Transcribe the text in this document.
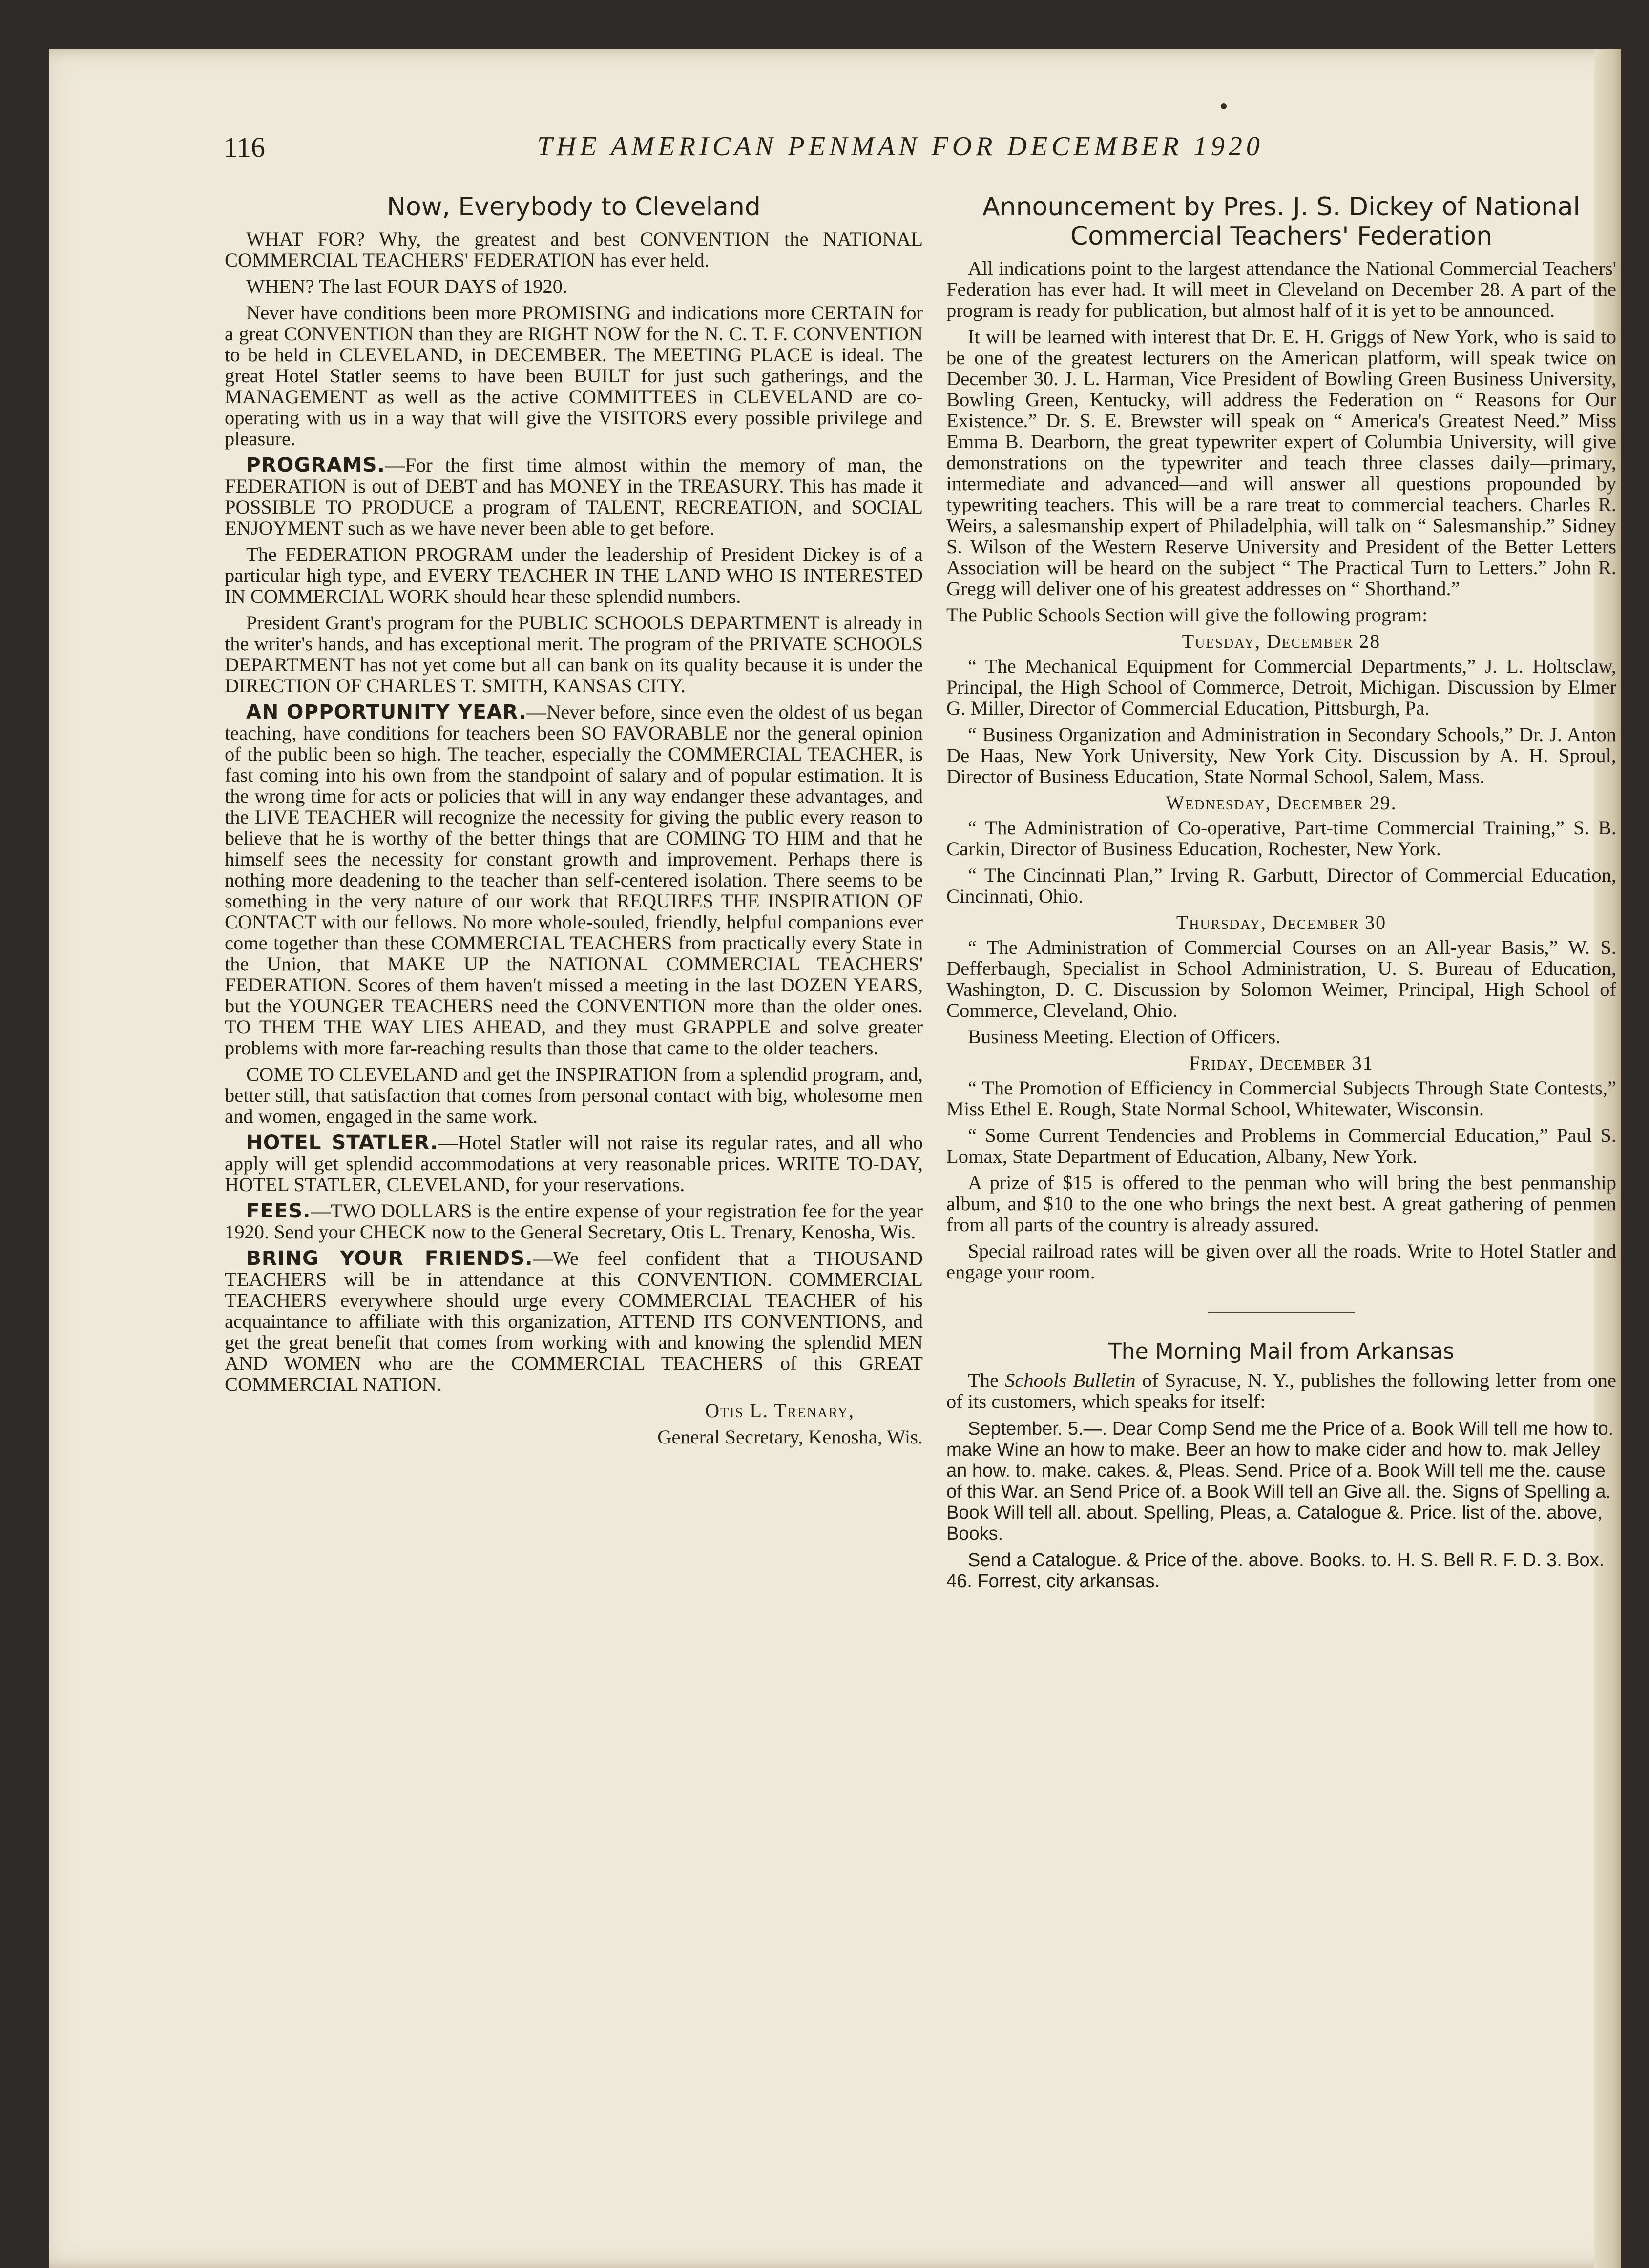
116	THE AMERICAN PENMAN FOR DECEMBER 1920
Now, Everybody to Cleveland

WHAT FOR? Why, the greatest and best CONVENTION the NATIONAL COMMERCIAL TEACHERS' FEDERATION has ever held.

WHEN? The last FOUR DAYS of 1920.

Never have conditions been more PROMISING and indications more CERTAIN for a great CONVENTION than they are RIGHT NOW for the N. C. T. F. CONVENTION to be held in CLEVELAND, in DECEMBER. The MEETING PLACE is ideal. The great Hotel Statler seems to have been BUILT for just such gatherings, and the MANAGEMENT as well as the active COMMITTEES in CLEVELAND are co-operating with us in a way that will give the VISITORS every possible privilege and pleasure.

PROGRAMS.—For the first time almost within the memory of man, the FEDERATION is out of DEBT and has MONEY in the TREASURY. This has made it POSSIBLE TO PRODUCE a program of TALENT, RECREATION, and SOCIAL ENJOYMENT such as we have never been able to get before.

The FEDERATION PROGRAM under the leadership of President Dickey is of a particular high type, and EVERY TEACHER IN THE LAND WHO IS INTERESTED IN COMMERCIAL WORK should hear these splendid numbers.

President Grant's program for the PUBLIC SCHOOLS DEPARTMENT is already in the writer's hands, and has exceptional merit. The program of the PRIVATE SCHOOLS DEPARTMENT has not yet come but all can bank on its quality because it is under the DIRECTION OF CHARLES T. SMITH, KANSAS CITY.

AN OPPORTUNITY YEAR.—Never before, since even the oldest of us began teaching, have conditions for teachers been SO FAVORABLE nor the general opinion of the public been so high. The teacher, especially the COMMERCIAL TEACHER, is fast coming into his own from the standpoint of salary and of popular estimation. It is the wrong time for acts or policies that will in any way endanger these advantages, and the LIVE TEACHER will recognize the necessity for giving the public every reason to believe that he is worthy of the better things that are COMING TO HIM and that he himself sees the necessity for constant growth and improvement. Perhaps there is nothing more deadening to the teacher than self-centered isolation. There seems to be something in the very nature of our work that REQUIRES THE INSPIRATION OF CONTACT with our fellows. No more whole-souled, friendly, helpful companions ever come together than these COMMERCIAL TEACHERS from practically every State in the Union, that MAKE UP the NATIONAL COMMERCIAL TEACHERS' FEDERATION. Scores of them haven't missed a meeting in the last DOZEN YEARS, but the YOUNGER TEACHERS need the CONVENTION more than the older ones. TO THEM THE WAY LIES AHEAD, and they must GRAPPLE and solve greater problems with more far-reaching results than those that came to the older teachers.

COME TO CLEVELAND and get the INSPIRATION from a splendid program, and, better still, that satisfaction that comes from personal contact with big, wholesome men and women, engaged in the same work.

HOTEL STATLER.—Hotel Statler will not raise its regular rates, and all who apply will get splendid accommodations at very reasonable prices. WRITE TO-DAY, HOTEL STATLER, CLEVELAND, for your reservations.

FEES.—TWO DOLLARS is the entire expense of your registration fee for the year 1920. Send your CHECK now to the General Secretary, Otis L. Trenary, Kenosha, Wis.

BRING YOUR FRIENDS.—We feel confident that a THOUSAND TEACHERS will be in attendance at this CONVENTION. COMMERCIAL TEACHERS everywhere should urge every COMMERCIAL TEACHER of his acquaintance to affiliate with this organization, ATTEND ITS CONVENTIONS, and get the great benefit that comes from working with and knowing the splendid MEN AND WOMEN who are the COMMERCIAL TEACHERS of this GREAT COMMERCIAL NATION.

Otis L. Trenary,

General Secretary, Kenosha, Wis.

Announcement by Pres. J. S. Dickey of National Commercial Teachers' Federation

All indications point to the largest attendance the National Commercial Teachers' Federation has ever had. It will meet in Cleveland on December 28. A part of the program is ready for publication, but almost half of it is yet to be announced.

It will be learned with interest that Dr. E. H. Griggs of New York, who is said to be one of the greatest lecturers on the American platform, will speak twice on December 30. J. L. Harman, Vice President of Bowling Green Business University, Bowling Green, Kentucky, will address the Federation on “ Reasons for Our Existence.” Dr. S. E. Brewster will speak on “ America's Greatest Need.” Miss Emma B. Dearborn, the great typewriter expert of Columbia University, will give demonstrations on the typewriter and teach three classes daily—primary, intermediate and advanced—and will answer all questions propounded by typewriting teachers. This will be a rare treat to commercial teachers. Charles R. Weirs, a salesmanship expert of Philadelphia, will talk on “ Salesmanship.” Sidney S. Wilson of the Western Reserve University and President of the Better Letters Association will be heard on the subject “ The Practical Turn to Letters.” John R. Gregg will deliver one of his greatest addresses on “ Shorthand.”

The Public Schools Section will give the following program:

Tuesday, December 28

“ The Mechanical Equipment for Commercial Departments,” J. L. Holtsclaw, Principal, the High School of Commerce, Detroit, Michigan. Discussion by Elmer G. Miller, Director of Commercial Education, Pittsburgh, Pa.

“ Business Organization and Administration in Secondary Schools,” Dr. J. Anton De Haas, New York University, New York City. Discussion by A. H. Sproul, Director of Business Education, State Normal School, Salem, Mass.

Wednesday, December 29.

“ The Administration of Co-operative, Part-time Commercial Training,” S. B. Carkin, Director of Business Education, Rochester, New York.

“ The Cincinnati Plan,” Irving R. Garbutt, Director of Commercial Education, Cincinnati, Ohio.

Thursday, December 30

“ The Administration of Commercial Courses on an All-year Basis,” W. S. Defferbaugh, Specialist in School Administration, U. S. Bureau of Education, Washington, D. C. Discussion by Solomon Weimer, Principal, High School of Commerce, Cleveland, Ohio.

Business Meeting. Election of Officers.

Friday, December 31

“ The Promotion of Efficiency in Commercial Subjects Through State Contests,” Miss Ethel E. Rough, State Normal School, Whitewater, Wisconsin.

“ Some Current Tendencies and Problems in Commercial Education,” Paul S. Lomax, State Department of Education, Albany, New York.

A prize of $15 is offered to the penman who will bring the best penmanship album, and $10 to the one who brings the next best. A great gathering of penmen from all parts of the country is already assured.

Special railroad rates will be given over all the roads. Write to Hotel Statler and engage your room.

The Morning Mail from Arkansas

The Schools Bulletin of Syracuse, N. Y., publishes the following letter from one of its customers, which speaks for itself:

September. 5.—. Dear Comp Send me the Price of a. Book Will tell me how to. make Wine an how to make. Beer an how to make cider and how to. mak Jelley an how. to. make. cakes. &, Pleas. Send. Price of a. Book Will tell me the. cause of this War. an Send Price of. a Book Will tell an Give all. the. Signs of Spelling a. Book Will tell all. about. Spelling, Pleas, a. Catalogue &. Price. list of the. above, Books.

Send a Catalogue. & Price of the. above. Books. to. H. S. Bell R. F. D. 3. Box. 46. Forrest, city arkansas.
